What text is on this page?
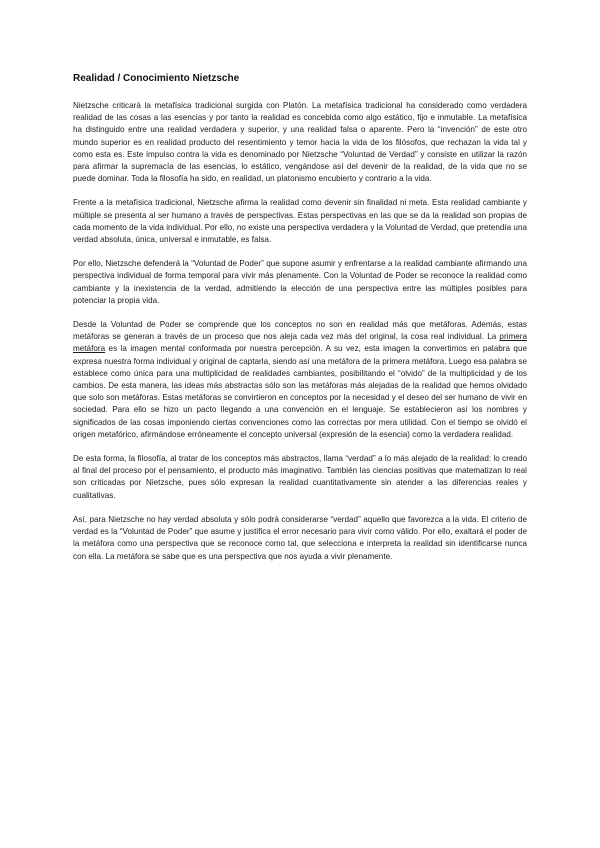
Realidad / Conocimiento Nietzsche

Nietzsche criticará la metafísica tradicional surgida con Platón. La metafísica tradicional ha considerado como verdadera realidad de las cosas a las esencias y por tanto la realidad es concebida como algo estático, fijo e inmutable. La metafísica ha distinguido entre una realidad verdadera y superior, y una realidad falsa o aparente. Pero la “invención” de este otro mundo superior es en realidad producto del resentimiento y temor hacia la vida de los filósofos, que rechazan la vida tal y como esta es. Este impulso contra la vida es denominado por Nietzsche “Voluntad de Verdad” y consiste en utilizar la razón para afirmar la supremacía de las esencias, lo estático, vengándose así del devenir de la realidad, de la vida que no se puede dominar. Toda la filosofía ha sido, en realidad, un platonismo encubierto y contrario a la vida.

Frente a la metafísica tradicional, Nietzsche afirma la realidad como devenir sin finalidad ni meta. Esta realidad cambiante y múltiple se presenta al ser humano a través de perspectivas. Estas perspectivas en las que se da la realidad son propias de cada momento de la vida individual. Por ello, no existe una perspectiva verdadera y la Voluntad de Verdad, que pretendía una verdad absoluta, única, universal e inmutable, es falsa.

Por ello, Nietzsche defenderá la “Voluntad de Poder” que supone asumir y enfrentarse a la realidad cambiante afirmando una perspectiva individual de forma temporal para vivir más plenamente. Con la Voluntad de Poder se reconoce la realidad como cambiante y la inexistencia de la verdad, admitiendo la elección de una perspectiva entre las múltiples posibles para potenciar la propia vida.

Desde la Voluntad de Poder se comprende que los conceptos no son en realidad más que metáforas. Además, estas metáforas se generan a través de un proceso que nos aleja cada vez más del original, la cosa real individual. La primera metáfora es la imagen mental conformada por nuestra percepción. A su vez, esta imagen la convertimos en palabra que expresa nuestra forma individual y original de captarla, siendo así una metáfora de la primera metáfora. Luego esa palabra se establece como única para una multiplicidad de realidades cambiantes, posibilitando el “olvido” de la multiplicidad y de los cambios. De esta manera, las ideas más abstractas sólo son las metáforas más alejadas de la realidad que hemos olvidado que solo son metáforas. Estas metáforas se convirtieron en conceptos por la necesidad y el deseo del ser humano de vivir en sociedad. Para ello se hizo un pacto llegando a una convención en el lenguaje. Se establecieron así los nombres y significados de las cosas imponiendo ciertas convenciones como las correctas por mera utilidad. Con el tiempo se olvidó el origen metafórico, afirmándose erróneamente el concepto universal (expresión de la esencia) como la verdadera realidad.

De esta forma, la filosofía, al tratar de los conceptos más abstractos, llama “verdad” a lo más alejado de la realidad: lo creado al final del proceso por el pensamiento, el producto más imaginativo. También las ciencias positivas que matematizan lo real son criticadas por Nietzsche, pues sólo expresan la realidad cuantitativamente sin atender a las diferencias reales y cualitativas.

Así, para Nietzsche no hay verdad absoluta y sólo podrá considerarse “verdad” aquello que favorezca a la vida. El criterio de verdad es la “Voluntad de Poder” que asume y justifica el error necesario para vivir como válido. Por ello, exaltará el poder de la metáfora como una perspectiva que se reconoce como tal, que selecciona e interpreta la realidad sin identificarse nunca con ella. La metáfora se sabe que es una perspectiva que nos ayuda a vivir plenamente.
